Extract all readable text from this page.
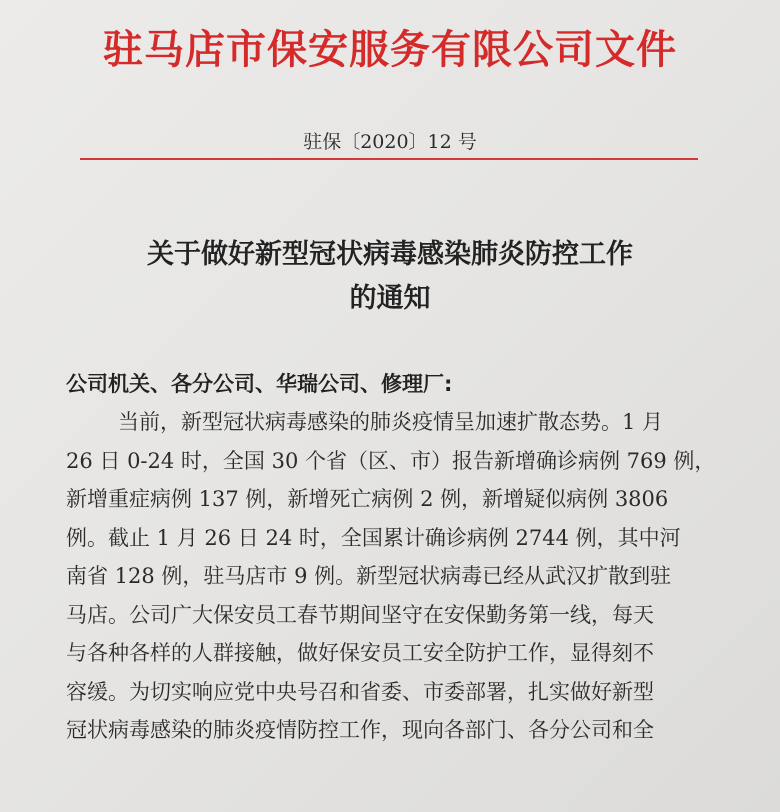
驻马店市保安服务有限公司文件
驻保〔2020〕12 号
关于做好新型冠状病毒感染肺炎防控工作
的通知
公司机关、各分公司、华瑞公司、修理厂:
当前，新型冠状病毒感染的肺炎疫情呈加速扩散态势。1 月
26 日 0-24 时，全国 30 个省（区、市）报告新增确诊病例 769 例，
新增重症病例 137 例，新增死亡病例 2 例，新增疑似病例 3806
例。截止 1 月 26 日 24 时，全国累计确诊病例 2744 例，其中河
南省 128 例，驻马店市 9 例。新型冠状病毒已经从武汉扩散到驻
马店。公司广大保安员工春节期间坚守在安保勤务第一线，每天
与各种各样的人群接触，做好保安员工安全防护工作，显得刻不
容缓。为切实响应党中央号召和省委、市委部署，扎实做好新型
冠状病毒感染的肺炎疫情防控工作，现向各部门、各分公司和全
